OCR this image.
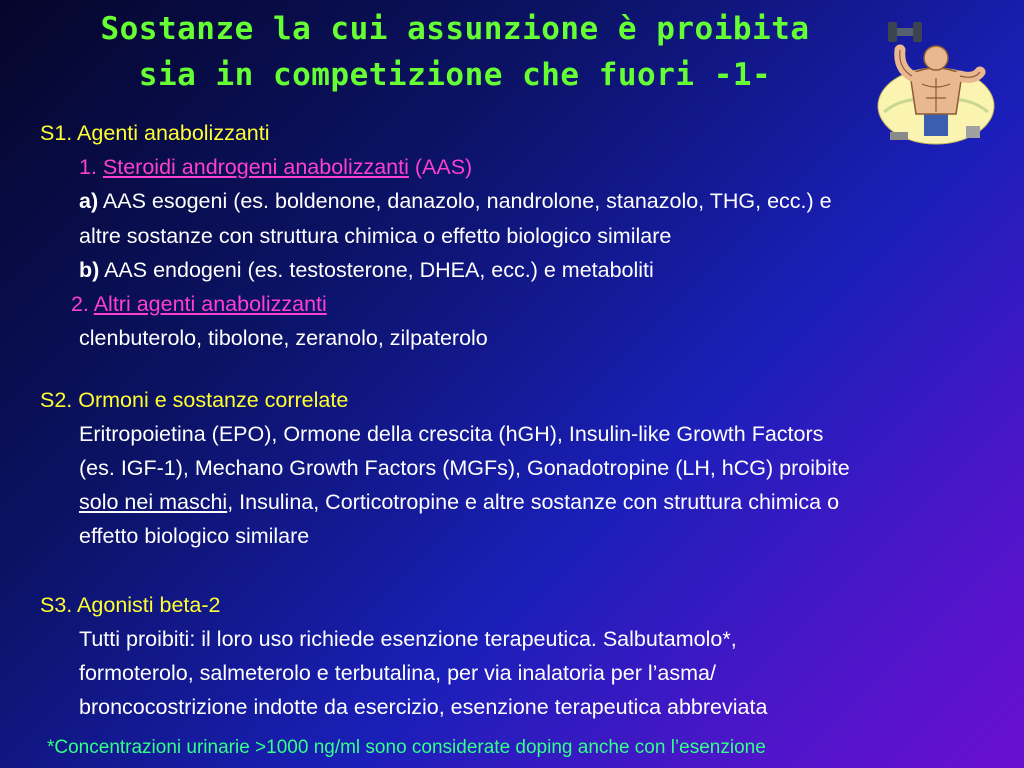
Sostanze la cui assunzione è proibita
sia in competizione che fuori -1-
S1. Agenti anabolizzanti
1. Steroidi androgeni anabolizzanti (AAS)
a) AAS esogeni (es. boldenone, danazolo, nandrolone, stanazolo, THG, ecc.) e
altre sostanze con struttura chimica o effetto biologico similare
b) AAS endogeni (es. testosterone, DHEA, ecc.) e metaboliti
2. Altri agenti anabolizzanti
clenbuterolo, tibolone, zeranolo, zilpaterolo
S2. Ormoni e sostanze correlate
Eritropoietina (EPO), Ormone della crescita (hGH), Insulin-like Growth Factors
(es. IGF-1), Mechano Growth Factors (MGFs), Gonadotropine (LH, hCG) proibite
solo nei maschi, Insulina, Corticotropine e altre sostanze con struttura chimica o
effetto biologico similare
S3. Agonisti beta-2
Tutti proibiti: il loro uso richiede esenzione terapeutica. Salbutamolo*,
formoterolo, salmeterolo e terbutalina, per via inalatoria per l’asma/
broncocostrizione indotte da esercizio, esenzione terapeutica abbreviata
*Concentrazioni urinarie >1000 ng/ml sono considerate doping anche con l’esenzione
